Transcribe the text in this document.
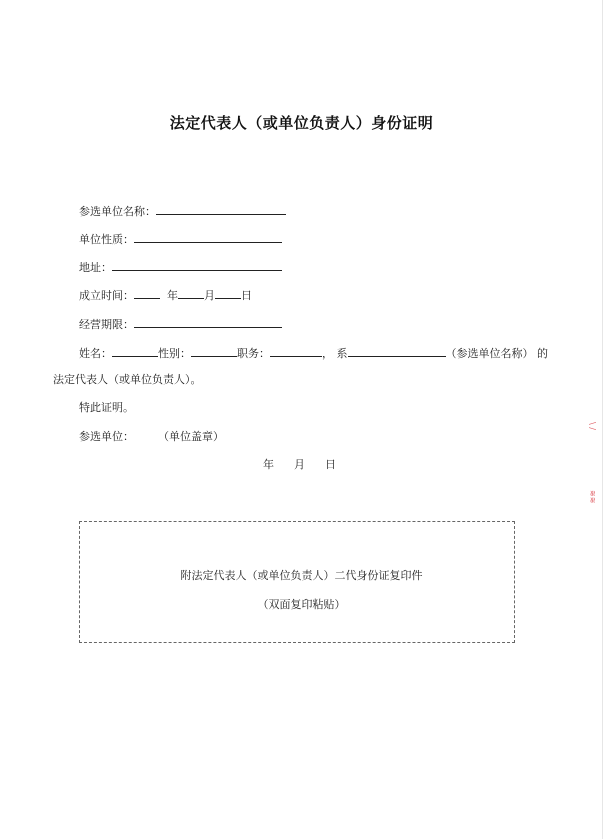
法定代表人（或单位负责人）身份证明
参选单位名称：
单位性质：
地址：
成立时间：	年 月 日
经营期限：
姓名：	性别：	职务：	， 系	（参选单位名称） 的
法定代表人（或单位负责人）。
特此证明。
参选单位： （单位盖章）
年 月 日
附法定代表人（或单位负责人）二代身份证复印件
（双面复印粘贴）
\ /
≋≋
